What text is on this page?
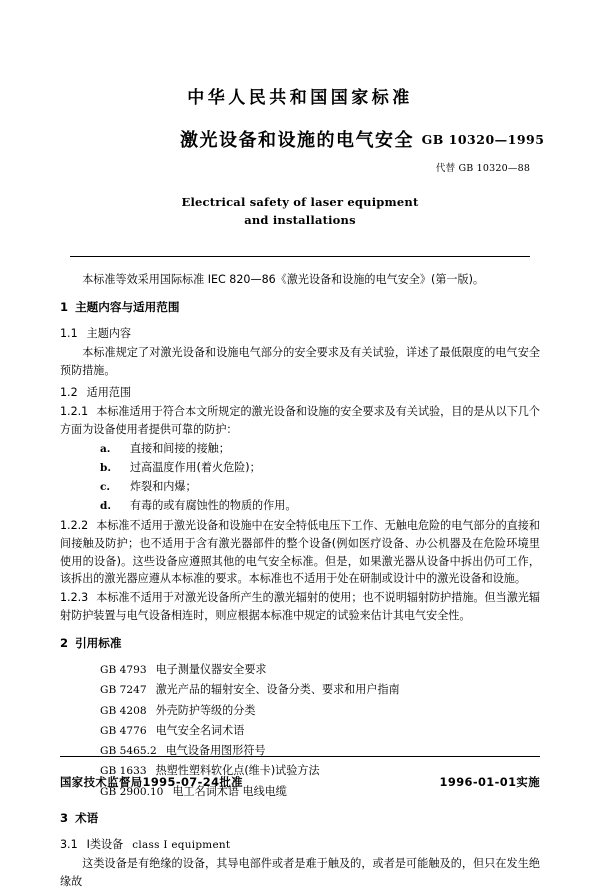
中华人民共和国国家标准
激光设备和设施的电气安全 GB 10320—1995
代替 GB 10320—88
Electrical safety of laser equipment
and installations

本标准等效采用国际标准 IEC 820—86《激光设备和设施的电气安全》(第一版)。

1 主题内容与适用范围
1.1 主题内容

本标准规定了对激光设备和设施电气部分的安全要求及有关试验，详述了最低限度的电气安全预防措施。

1.2 适用范围

1.2.1 本标准适用于符合本文所规定的激光设备和设施的安全要求及有关试验，目的是从以下几个方面为设备使用者提供可靠的防护：

a. 直接和间接的接触；
b. 过高温度作用(着火危险)；
c. 炸裂和内爆；
d. 有毒的或有腐蚀性的物质的作用。

1.2.2 本标准不适用于激光设备和设施中在安全特低电压下工作、无触电危险的电气部分的直接和间接触及防护；也不适用于含有激光器部件的整个设备(例如医疗设备、办公机器及在危险环境里使用的设备)。这些设备应遵照其他的电气安全标准。但是，如果激光器从设备中拆出仍可工作，该拆出的激光器应遵从本标准的要求。本标准也不适用于处在研制或设计中的激光设备和设施。

1.2.3 本标准不适用于对激光设备所产生的激光辐射的使用；也不说明辐射防护措施。但当激光辐射防护装置与电气设备相连时，则应根据本标准中规定的试验来估计其电气安全性。

2 引用标准
GB 4793 电子测量仪器安全要求
GB 7247 激光产品的辐射安全、设备分类、要求和用户指南
GB 4208 外壳防护等级的分类
GB 4776 电气安全名词术语
GB 5465.2 电气设备用图形符号
GB 1633 热塑性塑料软化点(维卡)试验方法
GB 2900.10 电工名词术语 电线电缆
3 术语

3.1 Ⅰ类设备 class Ⅰ equipment

这类设备是有绝缘的设备，其导电部件或者是难于触及的，或者是可能触及的，但只在发生绝缘故

国家技术监督局1995-07-24批准	1996-01-01实施
